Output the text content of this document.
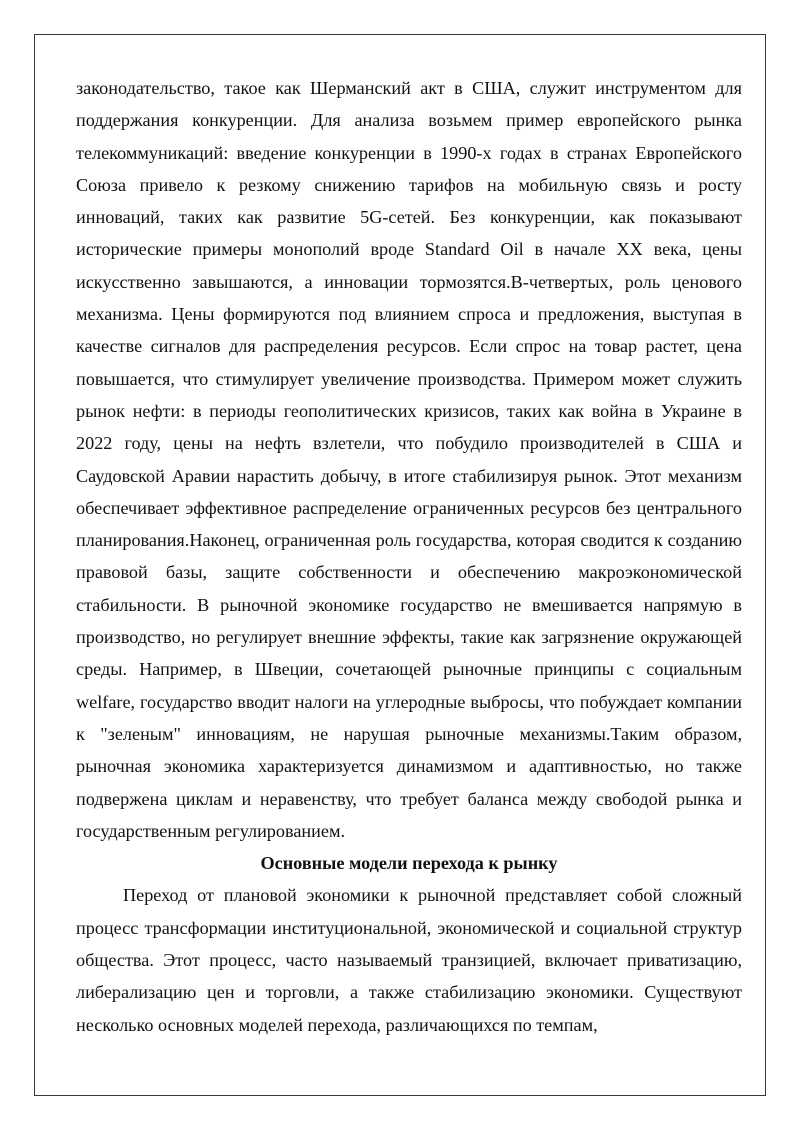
законодательство, такое как Шерманский акт в США, служит инструментом для поддержания конкуренции. Для анализа возьмем пример европейского рынка телекоммуникаций: введение конкуренции в 1990-х годах в странах Европейского Союза привело к резкому снижению тарифов на мобильную связь и росту инноваций, таких как развитие 5G-сетей. Без конкуренции, как показывают исторические примеры монополий вроде Standard Oil в начале XX века, цены искусственно завышаются, а инновации тормозятся.В-четвертых, роль ценового механизма. Цены формируются под влиянием спроса и предложения, выступая в качестве сигналов для распределения ресурсов. Если спрос на товар растет, цена повышается, что стимулирует увеличение производства. Примером может служить рынок нефти: в периоды геополитических кризисов, таких как война в Украине в 2022 году, цены на нефть взлетели, что побудило производителей в США и Саудовской Аравии нарастить добычу, в итоге стабилизируя рынок. Этот механизм обеспечивает эффективное распределение ограниченных ресурсов без центрального планирования.Наконец, ограниченная роль государства, которая сводится к созданию правовой базы, защите собственности и обеспечению макроэкономической стабильности. В рыночной экономике государство не вмешивается напрямую в производство, но регулирует внешние эффекты, такие как загрязнение окружающей среды. Например, в Швеции, сочетающей рыночные принципы с социальным welfare, государство вводит налоги на углеродные выбросы, что побуждает компании к "зеленым" инновациям, не нарушая рыночные механизмы.Таким образом, рыночная экономика характеризуется динамизмом и адаптивностью, но также подвержена циклам и неравенству, что требует баланса между свободой рынка и государственным регулированием.

Основные модели перехода к рынку

Переход от плановой экономики к рыночной представляет собой сложный процесс трансформации институциональной, экономической и социальной структур общества. Этот процесс, часто называемый транзицией, включает приватизацию, либерализацию цен и торговли, а также стабилизацию экономики. Существуют несколько основных моделей перехода, различающихся по темпам,
